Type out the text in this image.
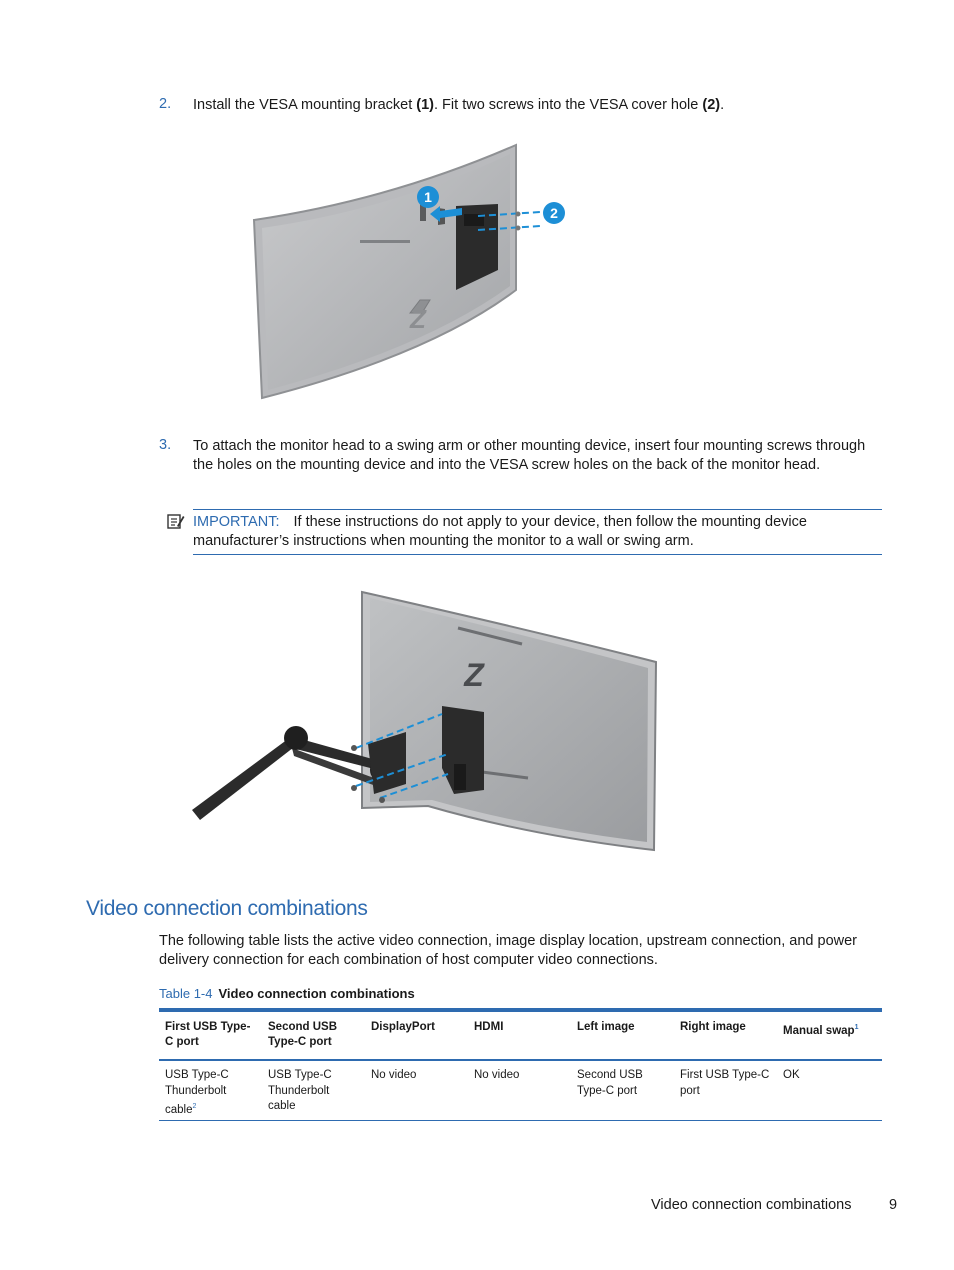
2. Install the VESA mounting bracket (1). Fit two screws into the VESA cover hole (2).
1
2
Z
3. To attach the monitor head to a swing arm or other mounting device, insert four mounting screws through the holes on the mounting device and into the VESA screw holes on the back of the monitor head.
IMPORTANT: If these instructions do not apply to your device, then follow the mounting device manufacturer’s instructions when mounting the monitor to a wall or swing arm.
Z
Video connection combinations
The following table lists the active video connection, image display location, upstream connection, and power delivery connection for each combination of host computer video connections.
Table 1-4 Video connection combinations
First USB Type-C port	Second USB Type-C port	DisplayPort	HDMI	Left image	Right image	Manual swap$^1$
USB Type-C Thunderbolt cable$^2$	USB Type-C Thunderbolt cable	No video	No video	Second USB Type-C port	First USB Type-C port	OK
Video connection combinations	9
